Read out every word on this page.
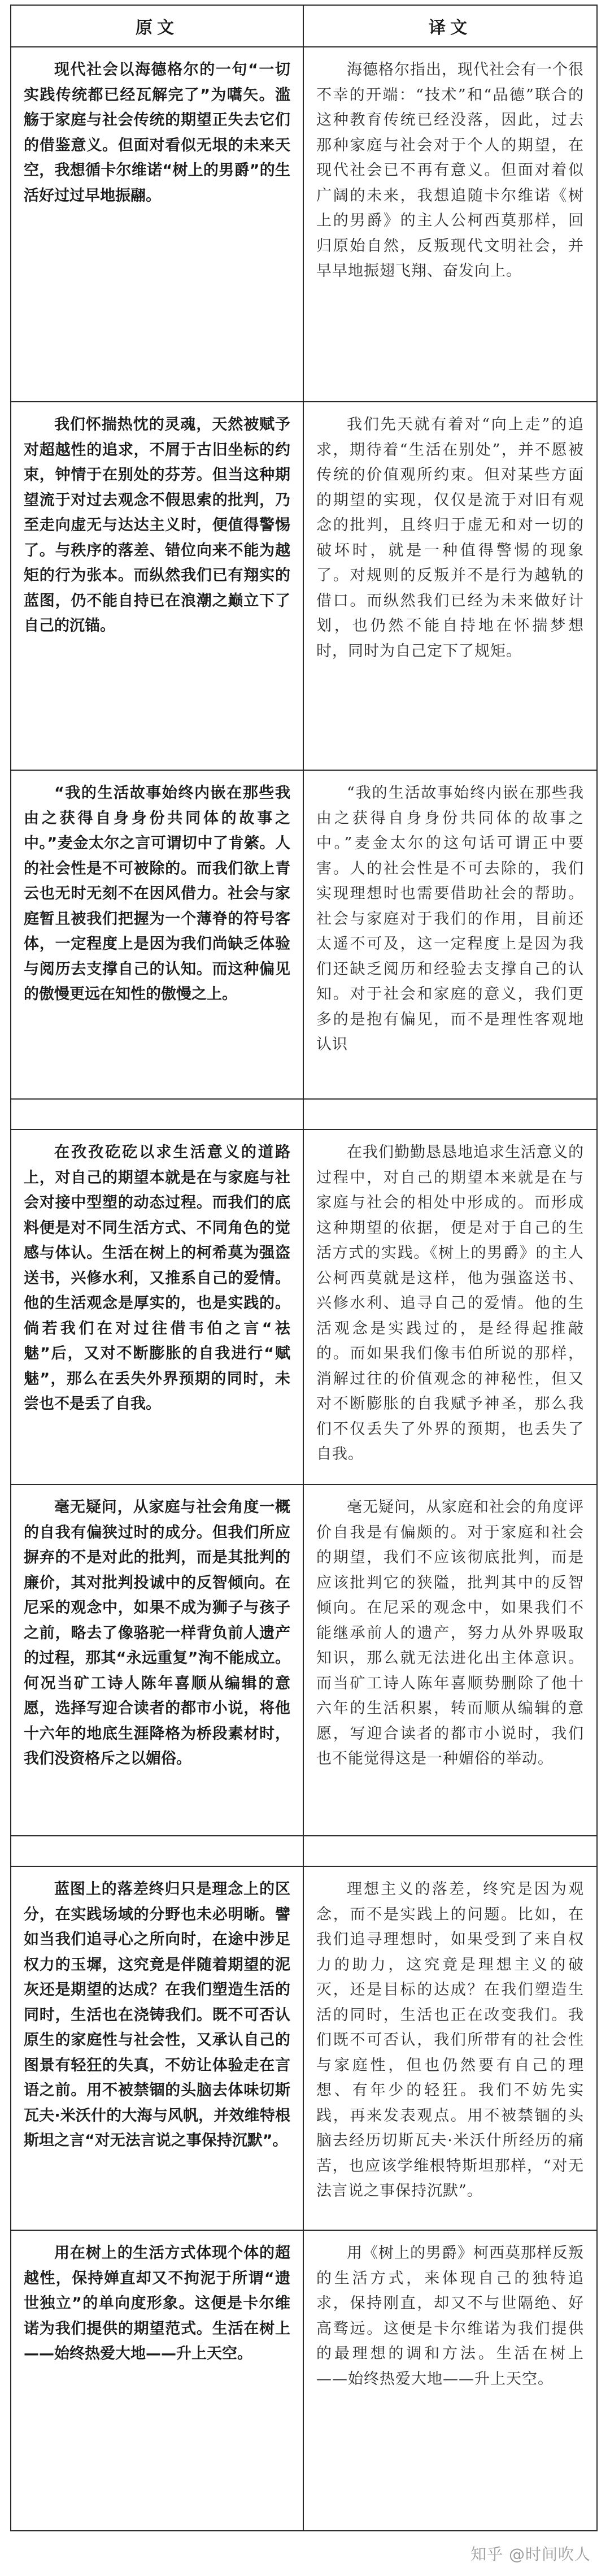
原文	译文
现代社会以海德格尔的一句“一切实践传统都已经瓦解完了”为嚆矢。滥觞于家庭与社会传统的期望正失去它们的借鉴意义。但面对看似无垠的未来天空，我想循卡尔维诺“树上的男爵”的生活好过过早地振翮。
海德格尔指出，现代社会有一个很不幸的开端：“技术”和“品德”联合的这种教育传统已经没落，因此，过去那种家庭与社会对于个人的期望，在现代社会已不再有意义。但面对着似广阔的未来，我想追随卡尔维诺《树上的男爵》的主人公柯西莫那样，回归原始自然，反叛现代文明社会，并早早地振翅飞翔、奋发向上。
我们怀揣热忱的灵魂，天然被赋予对超越性的追求，不屑于古旧坐标的约束，钟情于在别处的芬芳。但当这种期望流于对过去观念不假思索的批判，乃至走向虚无与达达主义时，便值得警惕了。与秩序的落差、错位向来不能为越矩的行为张本。而纵然我们已有翔实的蓝图，仍不能自持已在浪潮之巅立下了自己的沉锚。
我们先天就有着对“向上走”的追求，期待着“生活在别处”，并不愿被传统的价值观所约束。但对某些方面的期望的实现，仅仅是流于对旧有观念的批判，且终归于虚无和对一切的破坏时，就是一种值得警惕的现象了。对规则的反叛并不是行为越轨的借口。而纵然我们已经为未来做好计划，也仍然不能自持地在怀揣梦想时，同时为自己定下了规矩。
“我的生活故事始终内嵌在那些我由之获得自身身份共同体的故事之中。”麦金太尔之言可谓切中了肯綮。人的社会性是不可被除的。而我们欲上青云也无时无刻不在因风借力。社会与家庭暂且被我们把握为一个薄脊的符号客体，一定程度上是因为我们尚缺乏体验与阅历去支撑自己的认知。而这种偏见的傲慢更远在知性的傲慢之上。
“我的生活故事始终内嵌在那些我由之获得自身身份共同体的故事之中。”麦金太尔的这句话可谓正中要害。人的社会性是不可去除的，我们实现理想时也需要借助社会的帮助。社会与家庭对于我们的作用，目前还太遥不可及，这一定程度上是因为我们还缺乏阅历和经验去支撑自己的认知。对于社会和家庭的意义，我们更多的是抱有偏见，而不是理性客观地认识
在孜孜矻矻以求生活意义的道路上，对自己的期望本就是在与家庭与社会对接中型塑的动态过程。而我们的底料便是对不同生活方式、不同角色的觉感与体认。生活在树上的柯希莫为强盗送书，兴修水利，又推系自己的爱情。他的生活观念是厚实的，也是实践的。倘若我们在对过往借韦伯之言“祛魅”后，又对不断膨胀的自我进行“赋魅”，那么在丢失外界预期的同时，未尝也不是丢了自我。
在我们勤勤恳恳地追求生活意义的过程中，对自己的期望本来就是在与家庭与社会的相处中形成的。而形成这种期望的依据，便是对于自己的生活方式的实践。《树上的男爵》的主人公柯西莫就是这样，他为强盗送书、兴修水利、追寻自己的爱情。他的生活观念是实践过的，是经得起推敲的。而如果我们像韦伯所说的那样，消解过往的价值观念的神秘性，但又对不断膨胀的自我赋予神圣，那么我们不仅丢失了外界的预期，也丢失了自我。
毫无疑问，从家庭与社会角度一概的自我有偏狭过时的成分。但我们所应摒弃的不是对此的批判，而是其批判的廉价，其对批判投诚中的反智倾向。在尼采的观念中，如果不成为狮子与孩子之前，略去了像骆驼一样背负前人遗产的过程，那其“永远重复”洵不能成立。何况当矿工诗人陈年喜顺从编辑的意愿，选择写迎合读者的都市小说，将他十六年的地底生涯降格为桥段素材时，我们没资格斥之以媚俗。
毫无疑问，从家庭和社会的角度评价自我是有偏颇的。对于家庭和社会的期望，我们不应该彻底批判，而是应该批判它的狭隘，批判其中的反智倾向。在尼采的观念中，如果我们不能继承前人的遗产，努力从外界吸取知识，那么就无法进化出主体意识。而当矿工诗人陈年喜顺势删除了他十六年的生活积累，转而顺从编辑的意愿，写迎合读者的都市小说时，我们也不能觉得这是一种媚俗的举动。
蓝图上的落差终归只是理念上的区分，在实践场域的分野也未必明晰。譬如当我们追寻心之所向时，在途中涉足权力的玉墀，这究竟是伴随着期望的泥灰还是期望的达成？在我们塑造生活的同时，生活也在浇铸我们。既不可否认原生的家庭性与社会性，又承认自己的图景有轻狂的失真，不妨让体验走在言语之前。用不被禁锢的头脑去体味切斯瓦夫·米沃什的大海与风帆，并效维特根斯坦之言“对无法言说之事保持沉默”。
理想主义的落差，终究是因为观念，而不是实践上的问题。比如，在我们追寻理想时，如果受到了来自权力的助力，这究竟是理想主义的破灭，还是目标的达成？在我们塑造生活的同时，生活也正在改变我们。我们既不可否认，我们所带有的社会性与家庭性，但也仍然要有自己的理想、有年少的轻狂。我们不妨先实践，再来发表观点。用不被禁锢的头脑去经历切斯瓦夫·米沃什所经历的痛苦，也应该学维根特斯坦那样，“对无法言说之事保持沉默”。
用在树上的生活方式体现个体的超越性，保持婵直却又不拘泥于所谓“遗世独立”的单向度形象。这便是卡尔维诺为我们提供的期望范式。生活在树上——始终热爱大地——升上天空。
用《树上的男爵》柯西莫那样反叛的生活方式，来体现自己的独特追求，保持刚直，却又不与世隔绝、好高骛远。这便是卡尔维诺为我们提供的最理想的调和方法。生活在树上——始终热爱大地——升上天空。
知乎 @时间吹人
